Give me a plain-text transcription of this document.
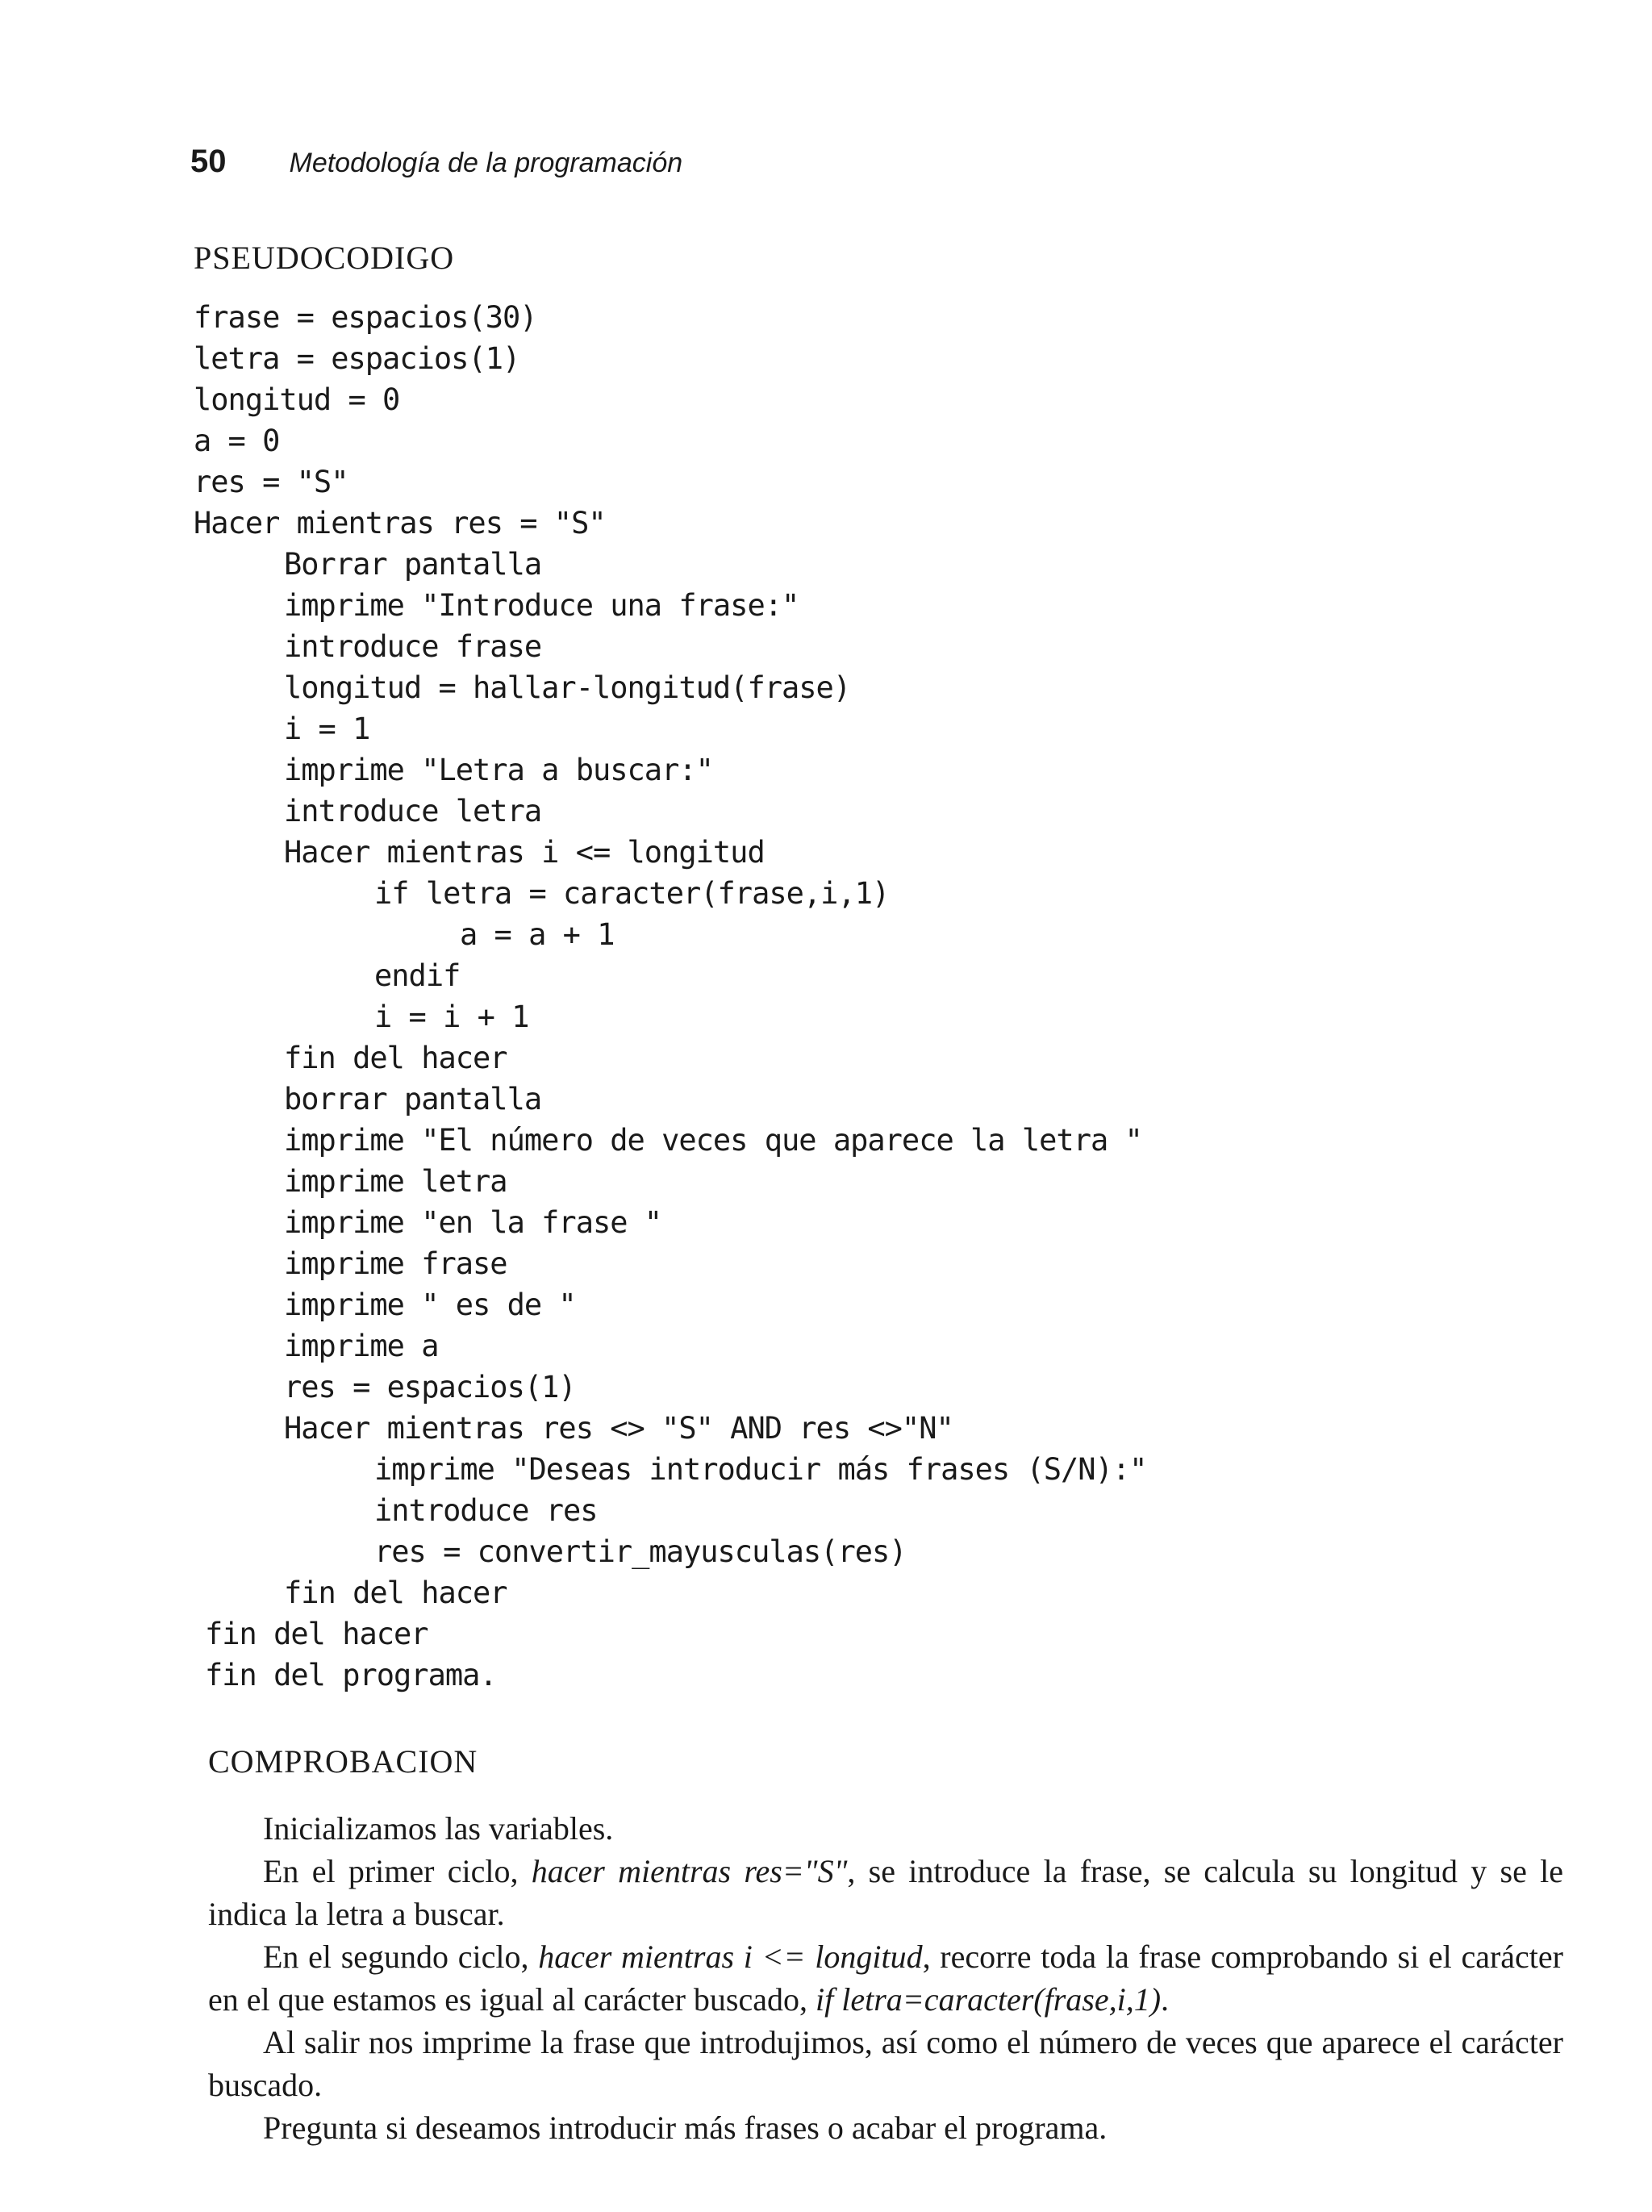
50 Metodología de la programación
PSEUDOCODIGO
frase = espacios(30)
letra = espacios(1)
longitud = 0
a = 0
res = "S"
Hacer mientras res = "S"
Borrar pantalla
imprime "Introduce una frase:"
introduce frase
longitud = hallar-longitud(frase)
i = 1
imprime "Letra a buscar:"
introduce letra
Hacer mientras i <= longitud
if letra = caracter(frase,i,1)
a = a + 1
endif
i = i + 1
fin del hacer
borrar pantalla
imprime "El número de veces que aparece la letra "
imprime letra
imprime "en la frase "
imprime frase
imprime " es de "
imprime a
res = espacios(1)
Hacer mientras res <> "S" AND res <>"N"
imprime "Deseas introducir más frases (S/N):"
introduce res
res = convertir_mayusculas(res)
fin del hacer
fin del hacer
fin del programa.
COMPROBACION

Inicializamos las variables.

En el primer ciclo, hacer mientras res="S", se introduce la frase, se calcula su longitud y se le indica la letra a buscar.

En el segundo ciclo, hacer mientras i <= longitud, recorre toda la frase comprobando si el carácter en el que estamos es igual al carácter buscado, if letra=caracter(frase,i,1).

Al salir nos imprime la frase que introdujimos, así como el número de veces que aparece el carácter buscado.

Pregunta si deseamos introducir más frases o acabar el programa.
